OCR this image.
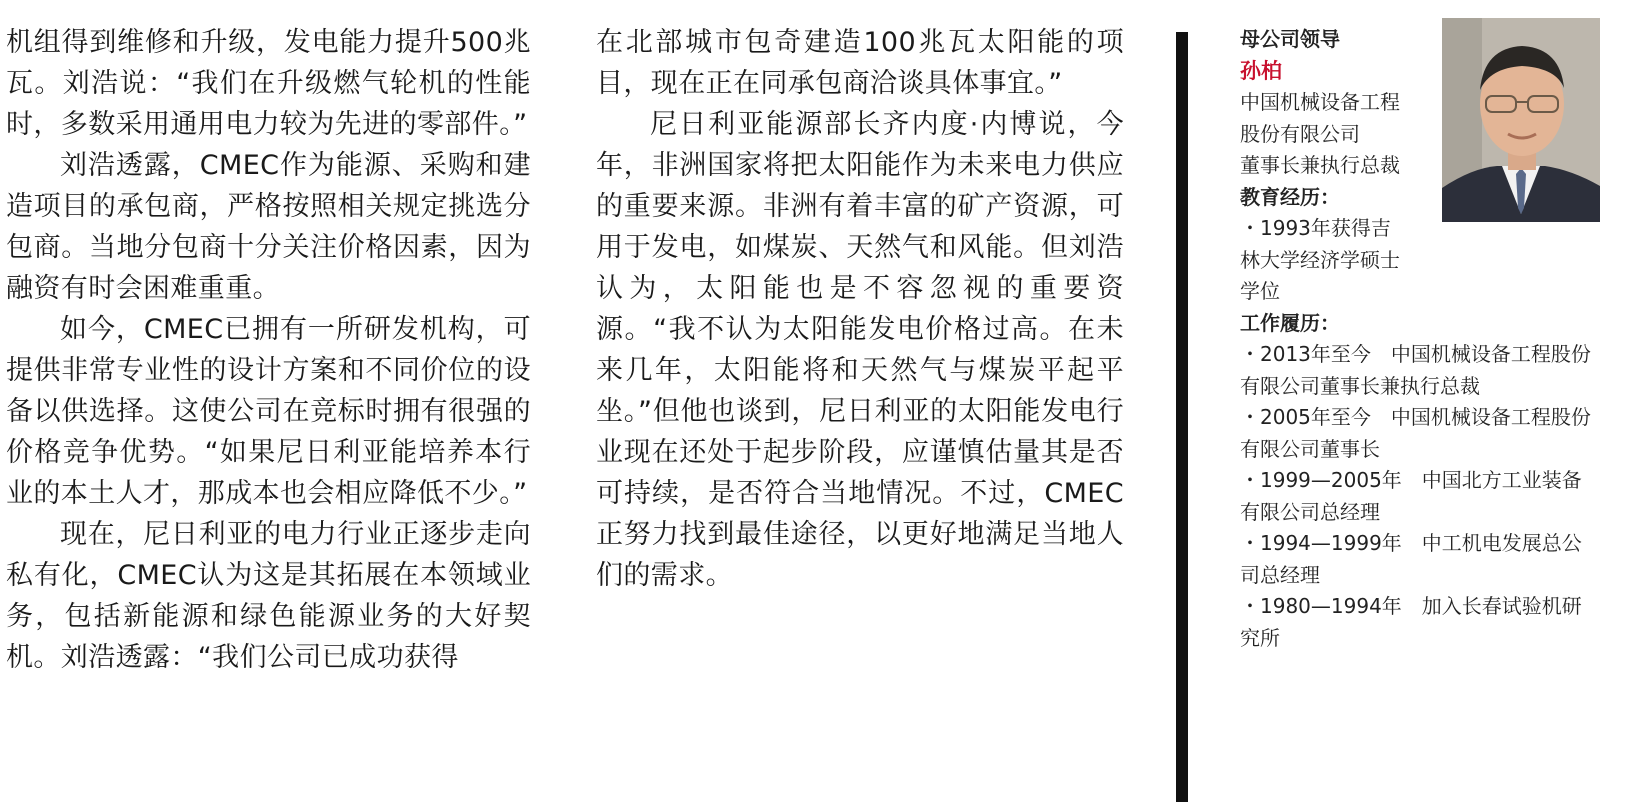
机组得到维修和升级，发电能力提升500兆瓦。刘浩说：“我们在升级燃气轮机的性能时，多数采用通用电力较为先进的零部件。”

刘浩透露，CMEC作为能源、采购和建造项目的承包商，严格按照相关规定挑选分包商。当地分包商十分关注价格因素，因为融资有时会困难重重。

如今，CMEC已拥有一所研发机构，可提供非常专业性的设计方案和不同价位的设备以供选择。这使公司在竞标时拥有很强的价格竞争优势。“如果尼日利亚能培养本行业的本土人才，那成本也会相应降低不少。”

现在，尼日利亚的电力行业正逐步走向私有化，CMEC认为这是其拓展在本领域业务，包括新能源和绿色能源业务的大好契机。刘浩透露：“我们公司已成功获得

在北部城市包奇建造100兆瓦太阳能的项目，现在正在同承包商洽谈具体事宜。”

尼日利亚能源部长齐内度·内博说，今年，非洲国家将把太阳能作为未来电力供应的重要来源。非洲有着丰富的矿产资源，可用于发电，如煤炭、天然气和风能。但刘浩认为，太阳能也是不容忽视的重要资源。“我不认为太阳能发电价格过高。在未来几年，太阳能将和天然气与煤炭平起平坐。”但他也谈到，尼日利亚的太阳能发电行业现在还处于起步阶段，应谨慎估量其是否可持续，是否符合当地情况。不过，CMEC正努力找到最佳途径，以更好地满足当地人们的需求。

母公司领导

孙柏

中国机械设备工程

股份有限公司

董事长兼执行总裁

教育经历：

・1993年获得吉

林大学经济学硕士

学位

工作履历：

・2013年至今　中国机械设备工程股份有限公司董事长兼执行总裁

・2005年至今　中国机械设备工程股份有限公司董事长

・1999—2005年　中国北方工业装备有限公司总经理

・1994—1999年　中工机电发展总公司总经理

・1980—1994年　加入长春试验机研究所
